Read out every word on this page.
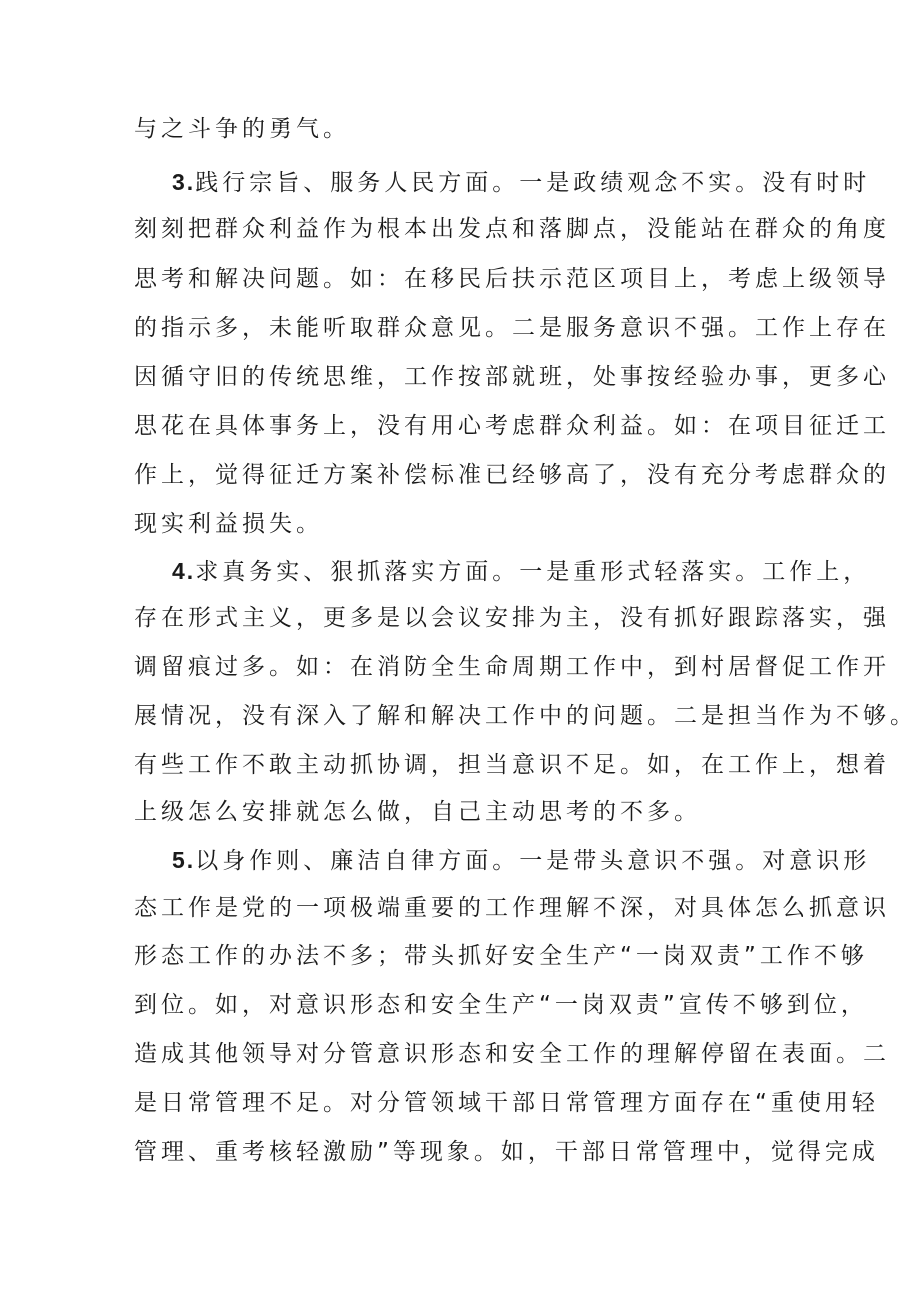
与之斗争的勇气。
3.践行宗旨、服务人民方面。一是政绩观念不实。没有时时
刻刻把群众利益作为根本出发点和落脚点，没能站在群众的角度
思考和解决问题。如：在移民后扶示范区项目上，考虑上级领导
的指示多，未能听取群众意见。二是服务意识不强。工作上存在
因循守旧的传统思维，工作按部就班，处事按经验办事，更多心
思花在具体事务上，没有用心考虑群众利益。如：在项目征迁工
作上，觉得征迁方案补偿标准已经够高了，没有充分考虑群众的
现实利益损失。
4.求真务实、狠抓落实方面。一是重形式轻落实。工作上，
存在形式主义，更多是以会议安排为主，没有抓好跟踪落实，强
调留痕过多。如：在消防全生命周期工作中，到村居督促工作开
展情况，没有深入了解和解决工作中的问题。二是担当作为不够。
有些工作不敢主动抓协调，担当意识不足。如，在工作上，想着
上级怎么安排就怎么做，自己主动思考的不多。
5.以身作则、廉洁自律方面。一是带头意识不强。对意识形
态工作是党的一项极端重要的工作理解不深，对具体怎么抓意识
形态工作的办法不多；带头抓好安全生产“一岗双责”工作不够
到位。如，对意识形态和安全生产“一岗双责”宣传不够到位，
造成其他领导对分管意识形态和安全工作的理解停留在表面。二
是日常管理不足。对分管领域干部日常管理方面存在“重使用轻
管理、重考核轻激励”等现象。如，干部日常管理中，觉得完成
